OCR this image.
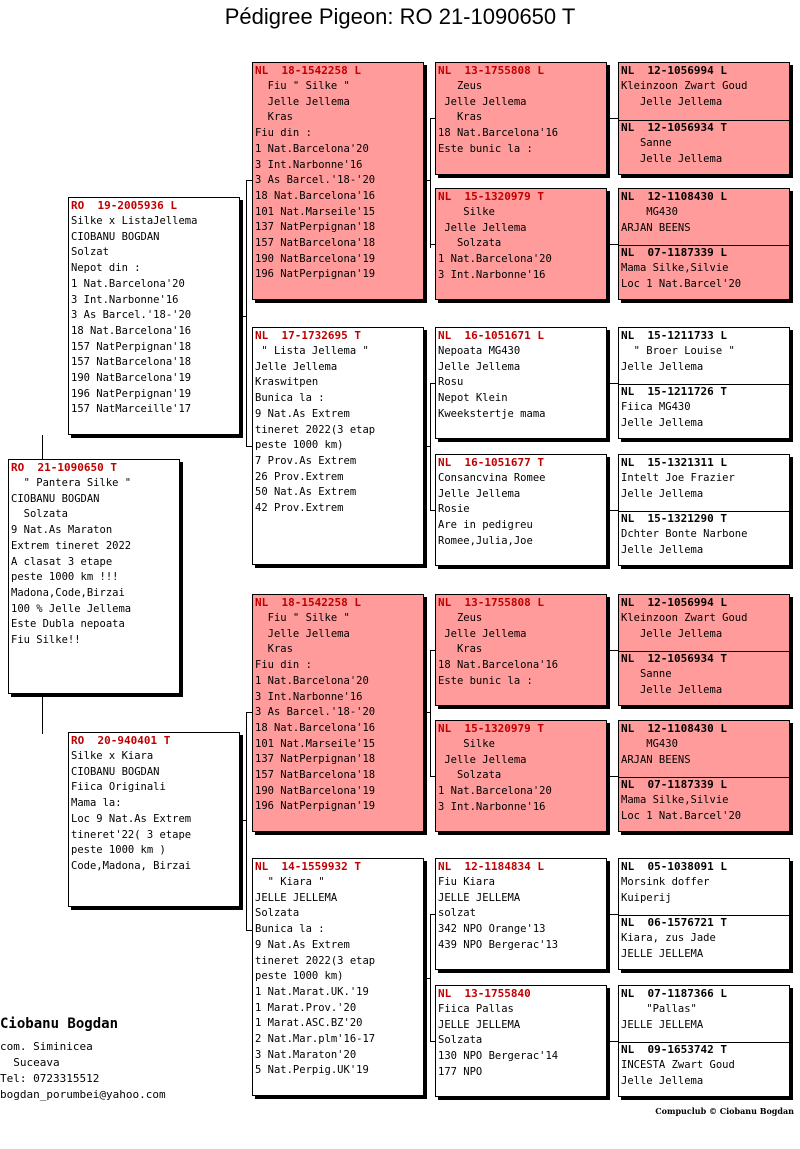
Pédigree Pigeon: RO 21-1090650 T
RO  21-1090650 T
" Pantera Silke "
CIOBANU BOGDAN
Solzata
9 Nat.As Maraton
Extrem tineret 2022
A clasat 3 etape
peste 1000 km !!!
Madona,Code,Birzai
100 % Jelle Jellema
Este Dubla nepoata
Fiu Silke!!
RO  19-2005936 L
Silke x ListaJellema
CIOBANU BOGDAN
Solzat
Nepot din :
1 Nat.Barcelona'20
3 Int.Narbonne'16
3 As Barcel.'18-'20
18 Nat.Barcelona'16
157 NatPerpignan'18
157 NatBarcelona'18
190 NatBarcelona'19
196 NatPerpignan'19
157 NatMarceille'17
RO  20-940401 T
Silke x Kiara
CIOBANU BOGDAN
Fiica Originali
Mama la:
Loc 9 Nat.As Extrem
tineret'22( 3 etape
peste 1000 km )
Code,Madona, Birzai
NL  18-1542258 L
Fiu " Silke "
Jelle Jellema
Kras
Fiu din :
1 Nat.Barcelona'20
3 Int.Narbonne'16
3 As Barcel.'18-'20
18 Nat.Barcelona'16
101 Nat.Marseile'15
137 NatPerpignan'18
157 NatBarcelona'18
190 NatBarcelona'19
196 NatPerpignan'19
NL  17-1732695 T
" Lista Jellema "
Jelle Jellema
Kraswitpen
Bunica la :
9 Nat.As Extrem
tineret 2022(3 etap
peste 1000 km)
7 Prov.As Extrem
26 Prov.Extrem
50 Nat.As Extrem
42 Prov.Extrem
NL  18-1542258 L
Fiu " Silke "
Jelle Jellema
Kras
Fiu din :
1 Nat.Barcelona'20
3 Int.Narbonne'16
3 As Barcel.'18-'20
18 Nat.Barcelona'16
101 Nat.Marseile'15
137 NatPerpignan'18
157 NatBarcelona'18
190 NatBarcelona'19
196 NatPerpignan'19
NL  14-1559932 T
" Kiara "
JELLE JELLEMA
Solzata
Bunica la :
9 Nat.As Extrem
tineret 2022(3 etap
peste 1000 km)
1 Nat.Marat.UK.'19
1 Marat.Prov.'20
1 Marat.ASC.BZ'20
2 Nat.Mar.plm'16-17
3 Nat.Maraton'20
5 Nat.Perpig.UK'19
NL  13-1755808 L
Zeus
Jelle Jellema
Kras
18 Nat.Barcelona'16
Este bunic la :
NL  15-1320979 T
Silke
Jelle Jellema
Solzata
1 Nat.Barcelona'20
3 Int.Narbonne'16
NL  16-1051671 L
Nepoata MG430
Jelle Jellema
Rosu
Nepot Klein
Kweekstertje mama
NL  16-1051677 T
Consancvina Romee
Jelle Jellema
Rosie
Are in pedigreu
Romee,Julia,Joe
NL  13-1755808 L
Zeus
Jelle Jellema
Kras
18 Nat.Barcelona'16
Este bunic la :
NL  15-1320979 T
Silke
Jelle Jellema
Solzata
1 Nat.Barcelona'20
3 Int.Narbonne'16
NL  12-1184834 L
Fiu Kiara
JELLE JELLEMA
solzat
342 NPO Orange'13
439 NPO Bergerac'13
NL  13-1755840
Fiica Pallas
JELLE JELLEMA
Solzata
130 NPO Bergerac'14
177 NPO
NL  12-1056994 L
Kleinzoon Zwart Goud
Jelle Jellema
NL  12-1056934 T
Sanne
Jelle Jellema
NL  12-1108430 L
MG430
ARJAN BEENS
NL  07-1187339 L
Mama Silke,Silvie
Loc 1 Nat.Barcel'20
NL  15-1211733 L
" Broer Louise "
Jelle Jellema
NL  15-1211726 T
Fiica MG430
Jelle Jellema
NL  15-1321311 L
Intelt Joe Frazier
Jelle Jellema
NL  15-1321290 T
Dchter Bonte Narbone
Jelle Jellema
NL  12-1056994 L
Kleinzoon Zwart Goud
Jelle Jellema
NL  12-1056934 T
Sanne
Jelle Jellema
NL  12-1108430 L
MG430
ARJAN BEENS
NL  07-1187339 L
Mama Silke,Silvie
Loc 1 Nat.Barcel'20
NL  05-1038091 L
Morsink doffer
Kuiperij
NL  06-1576721 T
Kiara, zus Jade
JELLE JELLEMA
NL  07-1187366 L
"Pallas"
JELLE JELLEMA
NL  09-1653742 T
INCESTA Zwart Goud
Jelle Jellema
Ciobanu Bogdan
com. Siminicea
Suceava
Tel: 0723315512
bogdan_porumbei@yahoo.com
Compuclub © Ciobanu Bogdan
